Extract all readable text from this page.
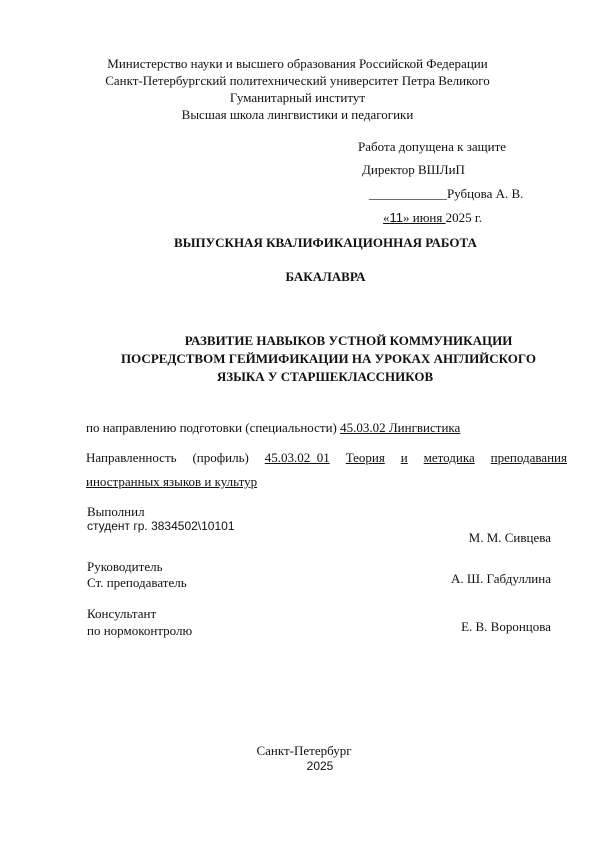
Министерство науки и высшего образования Российской Федерации
Санкт-Петербургский политехнический университет Петра Великого
Гуманитарный институт
Высшая школа лингвистики и педагогики
Работа допущена к защите
Директор ВШЛиП
____________Рубцова А. В.
«11» июня 2025 г.
ВЫПУСКНАЯ КВАЛИФИКАЦИОННАЯ РАБОТА
БАКАЛАВРА
РАЗВИТИЕ НАВЫКОВ УСТНОЙ КОММУНИКАЦИИ
ПОСРЕДСТВОМ ГЕЙМИФИКАЦИИ НА УРОКАХ АНГЛИЙСКОГО
ЯЗЫКА У СТАРШЕКЛАССНИКОВ
по направлению подготовки (специальности) 45.03.02 Лингвистика
Направленность (профиль) 45.03.02_01 Теория и методика преподавания
иностранных языков и культур
Выполнил
студент гр. 3834502\10101
М. М. Сивцева
Руководитель
Ст. преподаватель	А. Ш. Габдуллина
Консультант
по нормоконтролю	Е. В. Воронцова
Санкт-Петербург
2025
